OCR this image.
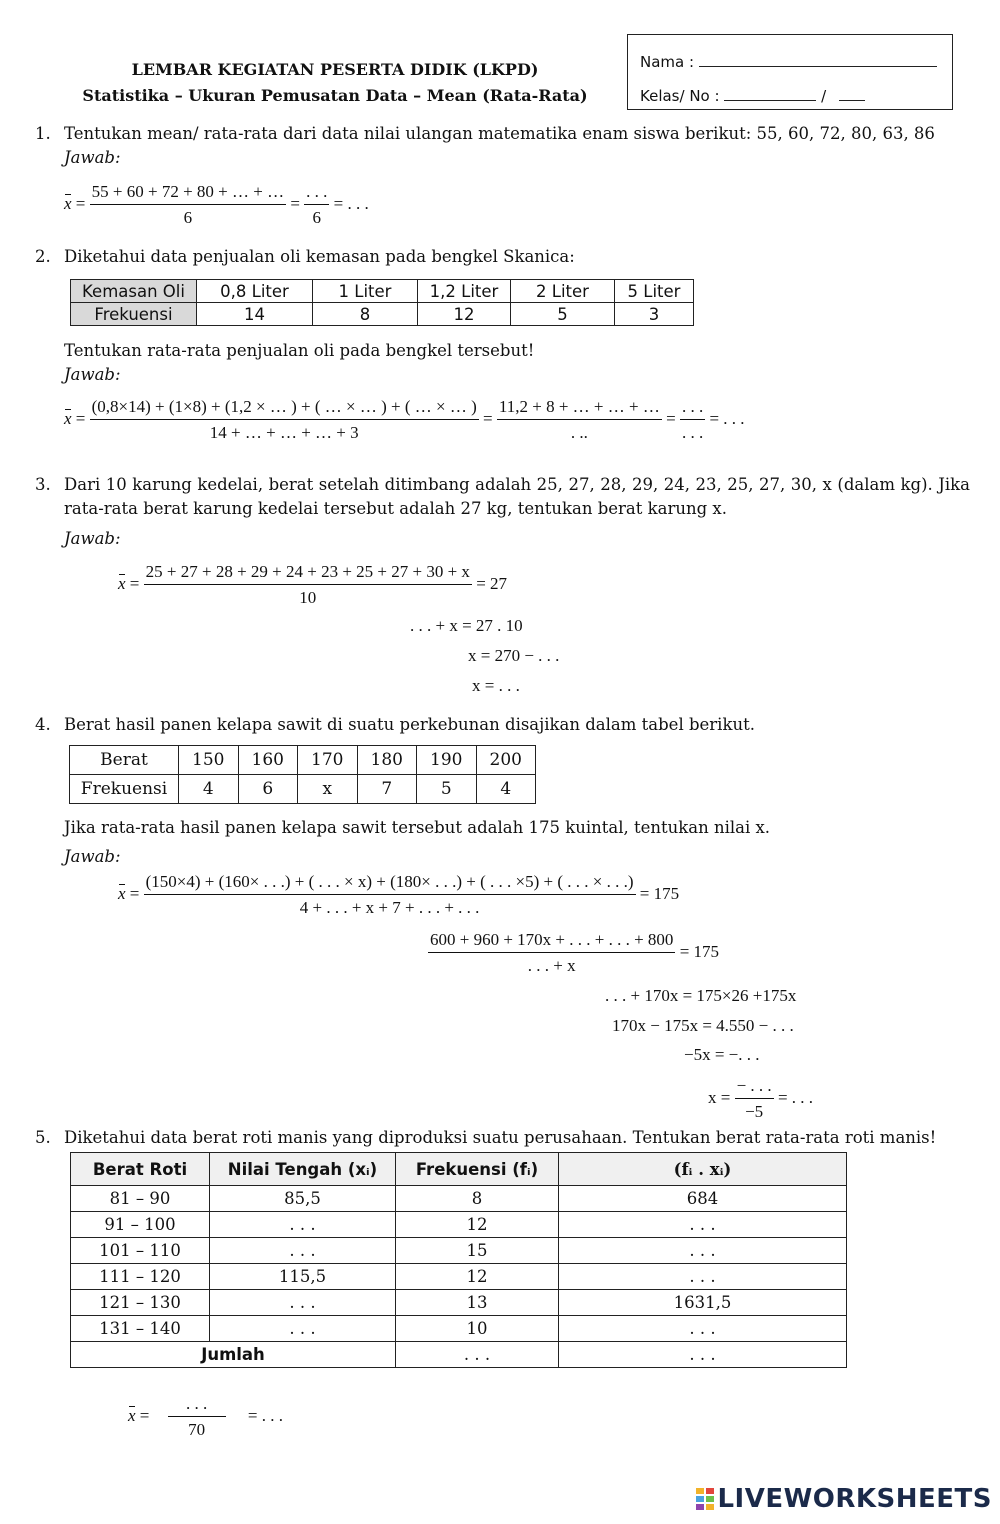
LEMBAR KEGIATAN PESERTA DIDIK (LKPD)
Statistika – Ukuran Pemusatan Data – Mean (Rata-Rata)
Nama :
Kelas/ No :	/
1. Tentukan mean/ rata-rata dari data nilai ulangan matematika enam siswa berikut: 55, 60, 72, 80, 63, 86
Jawab:
$x = \frac{55 + 60 + 72 + 80 + \dots + \dots}{6} = \frac{. . .}{6}$ = . . .
2. Diketahui data penjualan oli kemasan pada bengkel Skanica:
Kemasan Oli	0,8 Liter	1 Liter	1,2 Liter	2 Liter	5 Liter
Frekuensi	14	8	12	5	3
Tentukan rata-rata penjualan oli pada bengkel tersebut!
Jawab:
$x = \frac{(0,8\times 14) + (1\times 8) + (1,2 \times \dots ) + ( \dots \times \dots ) + ( \dots \times \dots )}{14 + \dots + \dots + \dots + 3} = \frac{11,2 + 8 + \dots + \dots + \dots}{. ..} = \frac{. . .}{. . .}$ = . . .
3. Dari 10 karung kedelai, berat setelah ditimbang adalah 25, 27, 28, 29, 24, 23, 25, 27, 30, x (dalam kg). Jika rata-rata berat karung kedelai tersebut adalah 27 kg, tentukan berat karung x.
Jawab:
$x = \frac{25 + 27 + 28 + 29 + 24 + 23 + 25 + 27 + 30 + x}{10} = 27$
. . . + x = 27 . 10
x = 270 − . . .
x = . . .
4. Berat hasil panen kelapa sawit di suatu perkebunan disajikan dalam tabel berikut.
Berat	150	160	170	180	190	200
Frekuensi	4	6	x	7	5	4
Jika rata-rata hasil panen kelapa sawit tersebut adalah 175 kuintal, tentukan nilai x.
Jawab:
x =
(150×4) + (160× . . .) + ( . . . × x) + (180× . . .) + ( . . . ×5) + ( . . . × . . .)
4 + . . . + x + 7 + . . . + . . .
= 175
$\frac{600 + 960 + 170x + . . . + . . . + 800}{. . . + x} = 175$
. . . + 170x = 175×26 +175x
170x − 175x = 4.550 − . . .
−5x = −. . .
$x = \frac{- . . .}{-5}$ = . . .
5. Diketahui data berat roti manis yang diproduksi suatu perusahaan. Tentukan berat rata-rata roti manis!
Berat Roti	Nilai Tengah (xᵢ)	Frekuensi (fᵢ)	(fᵢ . xᵢ)
81 – 90	85,5	8	684
91 – 100	. . .	12	. . .
101 – 110	. . .	15	. . .
111 – 120	115,5	12	. . .
121 – 130	. . .	13	1631,5
131 – 140	. . .	10	. . .
Jumlah		. . .	. . .
$x = \frac{. . .}{70}$ = . . .
LIVEWORKSHEETS
